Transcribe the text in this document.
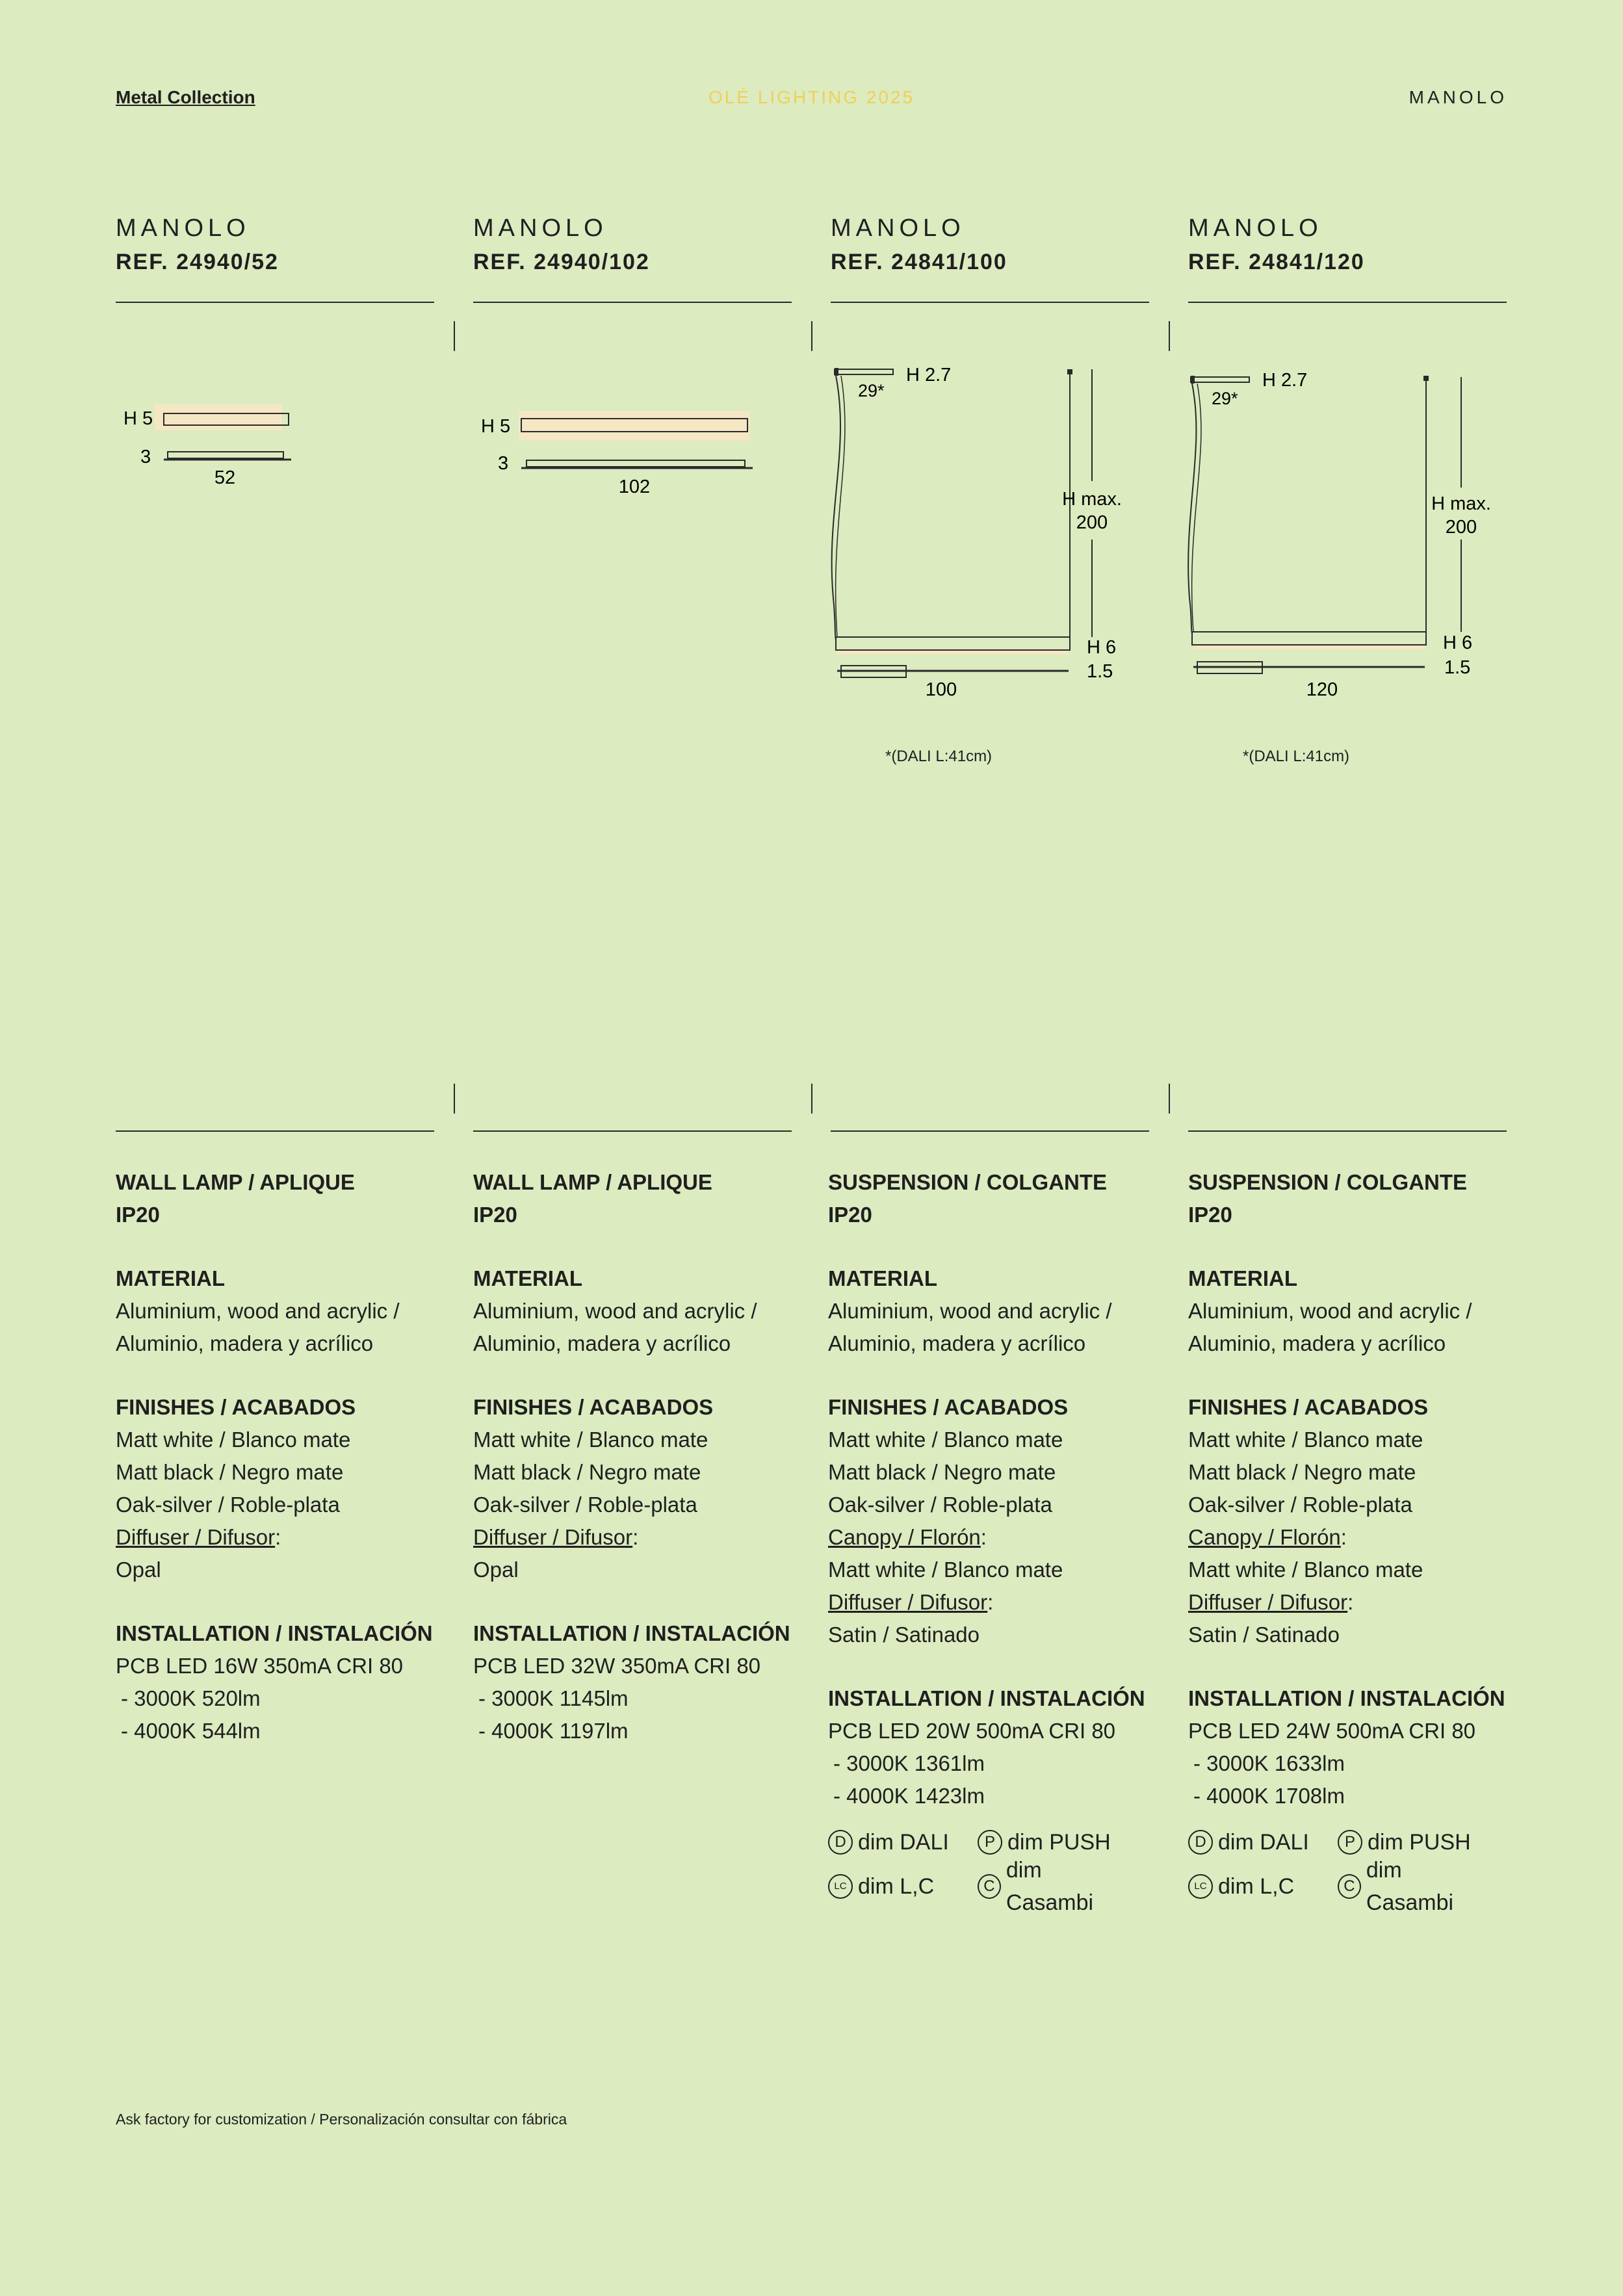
Metal Collection	OLÉ LIGHTING 2025	MANOLO
MANOLO
REF. 24940/52
H 5
3
52
WALL LAMP / APLIQUE
IP20
MATERIAL
Aluminium, wood and acrylic /
Aluminio, madera y acrílico
FINISHES / ACABADOS
Matt white / Blanco mate
Matt black / Negro mate
Oak-silver / Roble-plata
Diffuser / Difusor:
Opal
INSTALLATION / INSTALACIÓN
PCB LED 16W 350mA CRI 80
- 3000K 520lm
- 4000K 544lm
MANOLO
REF. 24940/102
H 5
3
102
WALL LAMP / APLIQUE
IP20
MATERIAL
Aluminium, wood and acrylic /
Aluminio, madera y acrílico
FINISHES / ACABADOS
Matt white / Blanco mate
Matt black / Negro mate
Oak-silver / Roble-plata
Diffuser / Difusor:
Opal
INSTALLATION / INSTALACIÓN
PCB LED 32W 350mA CRI 80
- 3000K 1145lm
- 4000K 1197lm
MANOLO
REF. 24841/100
H 2.7
29*
H max.
200
H 6
1.5
100
*(DALI L:41cm)
SUSPENSION / COLGANTE
IP20
MATERIAL
Aluminium, wood and acrylic /
Aluminio, madera y acrílico
FINISHES / ACABADOS
Matt white / Blanco mate
Matt black / Negro mate
Oak-silver / Roble-plata
Canopy / Florón:
Matt white / Blanco mate
Diffuser / Difusor:
Satin / Satinado
INSTALLATION / INSTALACIÓN
PCB LED 20W 500mA CRI 80
- 3000K 1361lm
- 4000K 1423lm
D dim DALI	P dim PUSH
LC dim L,C	C
dim Casambi
MANOLO
REF. 24841/120
H 2.7
29*
H max.
200
H 6
1.5
120
*(DALI L:41cm)
SUSPENSION / COLGANTE
IP20
MATERIAL
Aluminium, wood and acrylic /
Aluminio, madera y acrílico
FINISHES / ACABADOS
Matt white / Blanco mate
Matt black / Negro mate
Oak-silver / Roble-plata
Canopy / Florón:
Matt white / Blanco mate
Diffuser / Difusor:
Satin / Satinado
INSTALLATION / INSTALACIÓN
PCB LED 24W 500mA CRI 80
- 3000K 1633lm
- 4000K 1708lm
D dim DALI	P dim PUSH
LC dim L,C	C
dim Casambi
Ask factory for customization / Personalización consultar con fábrica
